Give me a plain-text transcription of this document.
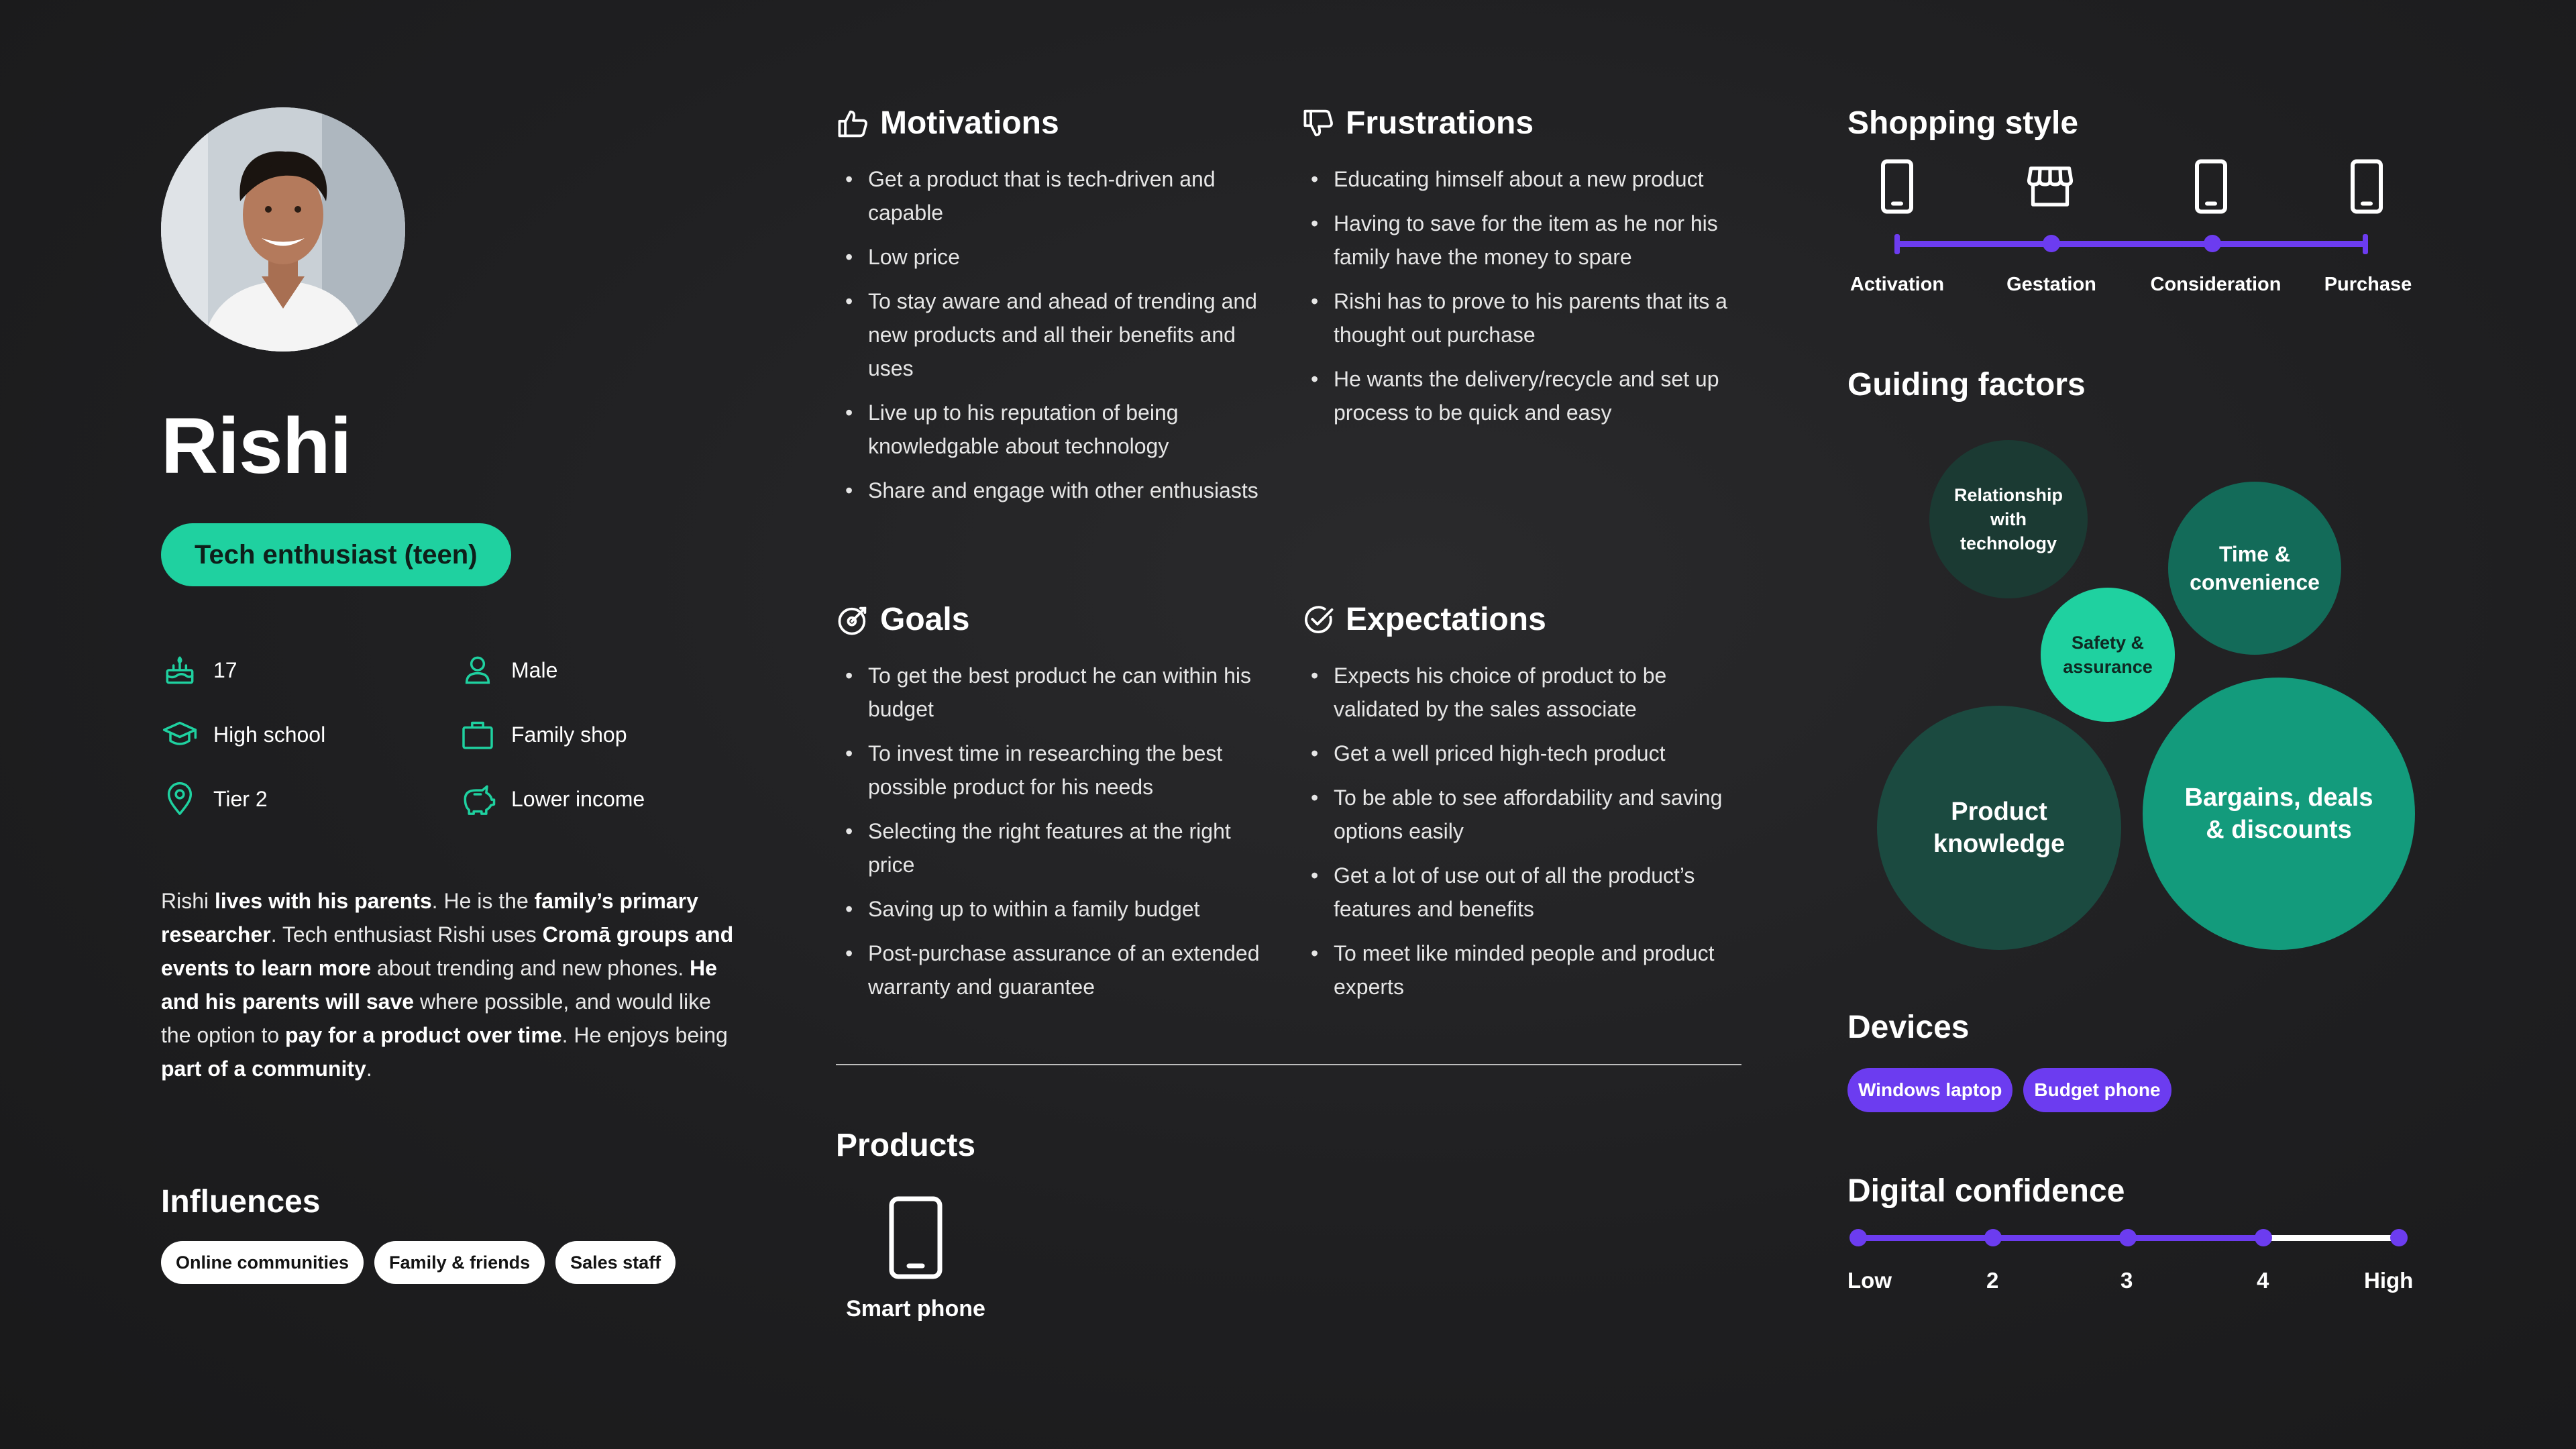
Rishi
Tech enthusiast (teen)
17	Male
High school	Family shop
Tier 2	Lower income
Rishi lives with his parents. He is the family’s primary researcher. Tech enthusiast Rishi uses Cromā groups and events to learn more about trending and new phones. He and his parents will save where possible, and would like the option to pay for a product over time. He enjoys being part of a community.
Influences
Online communities	Family & friends	Sales staff
Motivations
• Get a product that is tech-driven and capable
• Low price
• To stay aware and ahead of trending and new products and all their benefits and uses
• Live up to his reputation of being knowledgable about technology
• Share and engage with other enthusiasts
Frustrations
• Educating himself about a new product
• Having to save for the item as he nor his family have the money to spare
• Rishi has to prove to his parents that its a thought out purchase
• He wants the delivery/recycle and set up process to be quick and easy
Goals
• To get the best product he can within his budget
• To invest time in researching the best possible product for his needs
• Selecting the right features at the right price
• Saving up to within a family budget
• Post-purchase assurance of an extended warranty and guarantee
Expectations
• Expects his choice of product to be validated by the sales associate
• Get a well priced high-tech product
• To be able to see affordability and saving options easily
• Get a lot of use out of all the product’s features and benefits
• To meet like minded people and product experts
Products
Smart phone
Shopping style
Activation	Gestation	Consideration	Purchase
Guiding factors
Relationship with technology	Time & convenience
Product knowledge
Bargains, deals & discounts
Safety & assurance
Devices
Windows laptop	Budget phone
Digital confidence
Low	2	3	4	High
